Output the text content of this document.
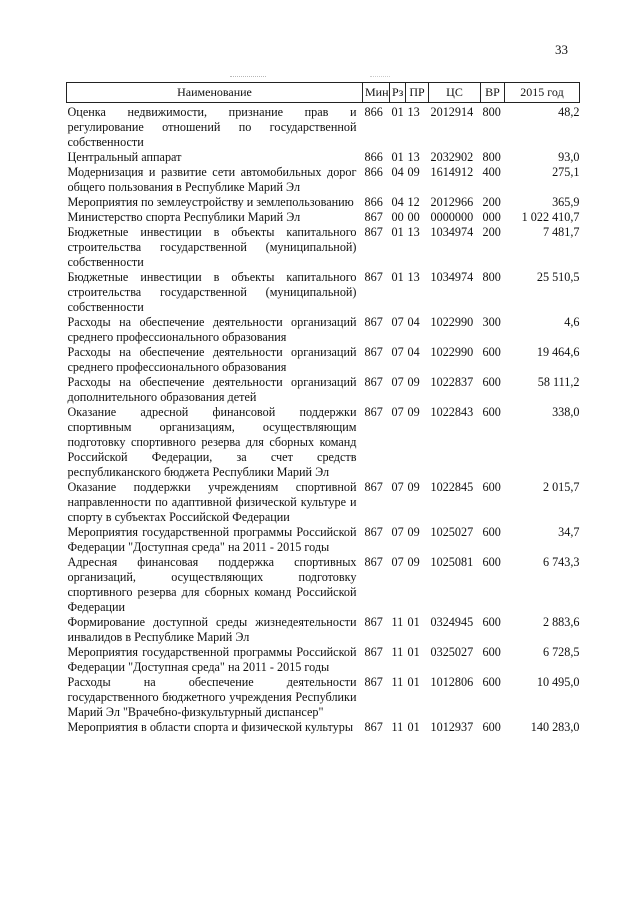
33
Наименование	Мин	Рз	ПР	ЦС	ВР	2015 год
Оценка недвижимости, признание прав и регулирование отношений по государственной собственности	866	01	13	2012914	800	48,2
Центральный аппарат	866	01	13	2032902	800	93,0
Модернизация и развитие сети автомобильных дорог общего пользования в Республике Марий Эл	866	04	09	1614912	400	275,1
Мероприятия по землеустройству и землепользованию	866	04	12	2012966	200	365,9
Министерство спорта Республики Марий Эл	867	00	00	0000000	000	1 022 410,7
Бюджетные инвестиции в объекты капитального строительства государственной (муниципальной) собственности	867	01	13	1034974	200	7 481,7
Бюджетные инвестиции в объекты капитального строительства государственной (муниципальной) собственности	867	01	13	1034974	800	25 510,5
Расходы на обеспечение деятельности организаций среднего профессионального образования	867	07	04	1022990	300	4,6
Расходы на обеспечение деятельности организаций среднего профессионального образования	867	07	04	1022990	600	19 464,6
Расходы на обеспечение деятельности организаций дополнительного образования детей	867	07	09	1022837	600	58 111,2
Оказание адресной финансовой поддержки спортивным организациям, осуществляющим подготовку спортивного резерва для сборных команд Российской Федерации, за счет средств республиканского бюджета Республики Марий Эл	867	07	09	1022843	600	338,0
Оказание поддержки учреждениям спортивной направленности по адаптивной физической культуре и спорту в субъектах Российской Федерации	867	07	09	1022845	600	2 015,7
Мероприятия государственной программы Российской Федерации "Доступная среда" на 2011 - 2015 годы	867	07	09	1025027	600	34,7
Адресная финансовая поддержка спортивных организаций, осуществляющих подготовку спортивного резерва для сборных команд Российской Федерации	867	07	09	1025081	600	6 743,3
Формирование доступной среды жизнедеятельности инвалидов в Республике Марий Эл	867	11	01	0324945	600	2 883,6
Мероприятия государственной программы Российской Федерации "Доступная среда" на 2011 - 2015 годы	867	11	01	0325027	600	6 728,5
Расходы на обеспечение деятельности государственного бюджетного учреждения Республики Марий Эл "Врачебно-физкультурный диспансер"	867	11	01	1012806	600	10 495,0
Мероприятия в области спорта и физической культуры	867	11	01	1012937	600	140 283,0
